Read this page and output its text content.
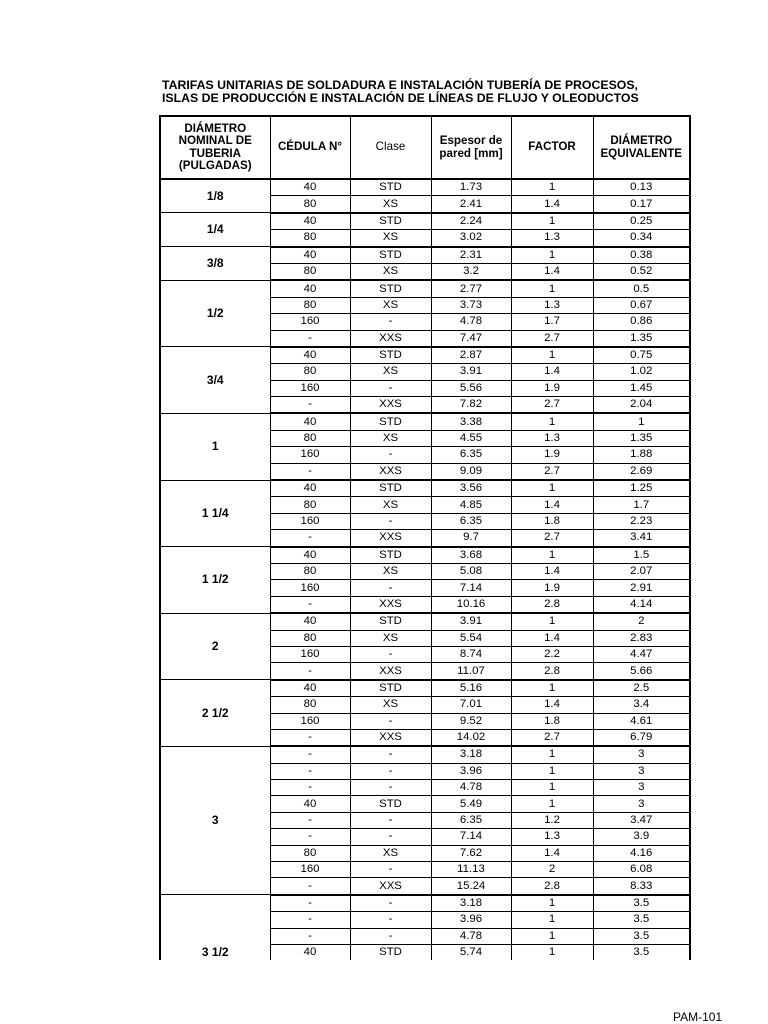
TARIFAS UNITARIAS DE SOLDADURA E INSTALACIÓN TUBERÍA DE PROCESOS,
ISLAS DE PRODUCCIÓN E INSTALACIÓN DE LÍNEAS DE FLUJO Y OLEODUCTOS
DIÁMETRO NOMINAL DE TUBERIA (PULGADAS)	CÉDULA N°	Clase	Espesor de pared [mm]	FACTOR	DIÁMETRO EQUIVALENTE
1/8	40	STD	1.73	1	0.13
	80	XS	2.41	1.4	0.17
1/4	40	STD	2.24	1	0.25
	80	XS	3.02	1.3	0.34
3/8	40	STD	2.31	1	0.38
	80	XS	3.2	1.4	0.52
1/2	40	STD	2.77	1	0.5
	80	XS	3.73	1.3	0.67
	160	-	4.78	1.7	0.86
	-	XXS	7.47	2.7	1.35
3/4	40	STD	2.87	1	0.75
	80	XS	3.91	1.4	1.02
	160	-	5.56	1.9	1.45
	-	XXS	7.82	2.7	2.04
1	40	STD	3.38	1	1
	80	XS	4.55	1.3	1.35
	160	-	6.35	1.9	1.88
	-	XXS	9.09	2.7	2.69
1 1/4	40	STD	3.56	1	1.25
	80	XS	4.85	1.4	1.7
	160	-	6.35	1.8	2.23
	-	XXS	9.7	2.7	3.41
1 1/2	40	STD	3.68	1	1.5
	80	XS	5.08	1.4	2.07
	160	-	7.14	1.9	2.91
	-	XXS	10.16	2.8	4.14
2	40	STD	3.91	1	2
	80	XS	5.54	1.4	2.83
	160	-	8.74	2.2	4.47
	-	XXS	11.07	2.8	5.66
2 1/2	40	STD	5.16	1	2.5
	80	XS	7.01	1.4	3.4
	160	-	9.52	1.8	4.61
	-	XXS	14.02	2.7	6.79
3	-	-	3.18	1	3
	-	-	3.96	1	3
	-	-	4.78	1	3
	40	STD	5.49	1	3
	-	-	6.35	1.2	3.47
	-	-	7.14	1.3	3.9
	80	XS	7.62	1.4	4.16
	160	-	11.13	2	6.08
	-	XXS	15.24	2.8	8.33
3 1/2	-	-	3.18	1	3.5
	-	-	3.96	1	3.5
	-	-	4.78	1	3.5
	40	STD	5.74	1	3.5
PAM-101
